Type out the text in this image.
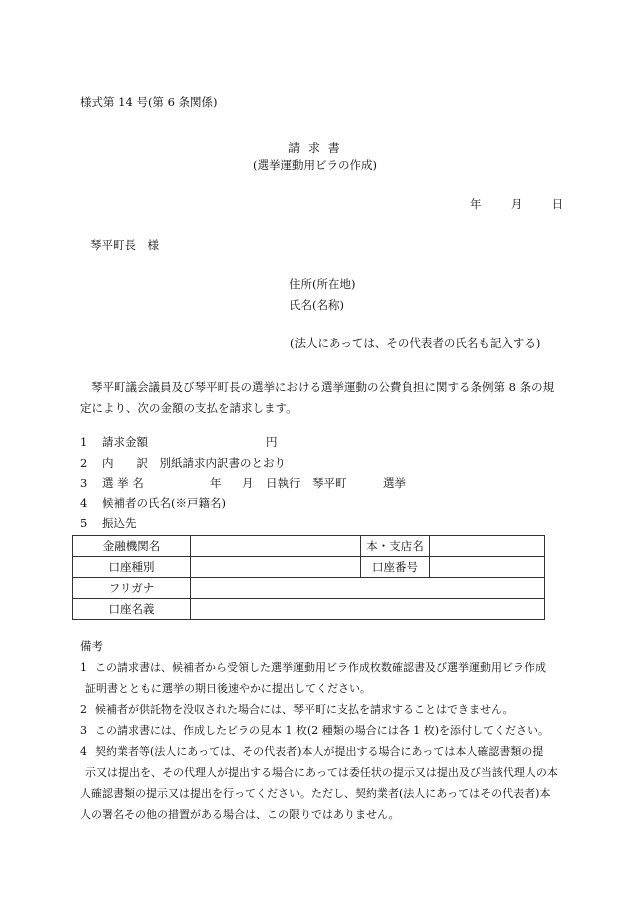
様式第 14 号(第 6 条関係)
請 求 書
(選挙運動用ビラの作成)
年	月	日
琴平町長　様
住所(所在地)
氏名(名称)
(法人にあっては、その代表者の氏名も記入する)
琴平町議会議員及び琴平町長の選挙における選挙運動の公費負担に関する条例第 8 条の規定により、次の金額の支払を請求します。
1 請求金額	円
2 内　　訳　 別紙請求内訳書のとおり
3 選 挙 名	年 月 日執行 琴平町	選挙
4 候補者の氏名(※戸籍名)
5 振込先
金融機関名		本・支店名	
口座種別		口座番号	
フリガナ			
口座名義			
備考
1 この請求書は、候補者から受領した選挙運動用ビラ作成枚数確認書及び選挙運動用ビラ作成
証明書とともに選挙の期日後速やかに提出してください。
2 候補者が供託物を没収された場合には、琴平町に支払を請求することはできません。
3 この請求書には、作成したビラの見本 1 枚(2 種類の場合には各 1 枚)を添付してください。
4 契約業者等(法人にあっては、その代表者)本人が提出する場合にあっては本人確認書類の提
示又は提出を、その代理人が提出する場合にあっては委任状の提示又は提出及び当該代理人の本人確認書類の提示又は提出を行ってください。ただし、契約業者(法人にあってはその代表者)本人の署名その他の措置がある場合は、この限りではありません。
